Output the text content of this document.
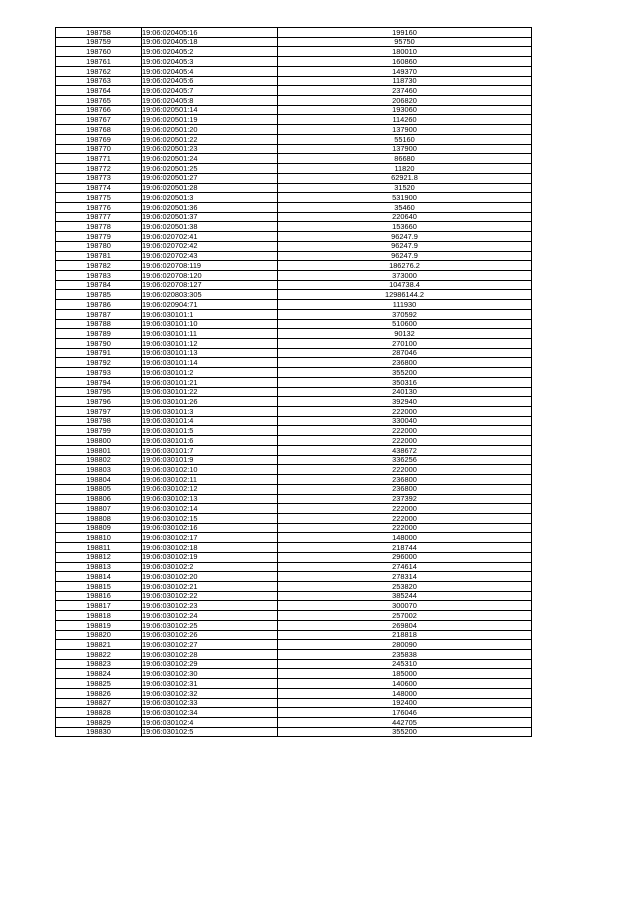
198758	19:06:020405:16	199160
198759	19:06:020405:18	95750
198760	19:06:020405:2	180010
198761	19:06:020405:3	160860
198762	19:06:020405:4	149370
198763	19:06:020405:6	118730
198764	19:06:020405:7	237460
198765	19:06:020405:8	206820
198766	19:06:020501:14	193060
198767	19:06:020501:19	114260
198768	19:06:020501:20	137900
198769	19:06:020501:22	55160
198770	19:06:020501:23	137900
198771	19:06:020501:24	86680
198772	19:06:020501:25	11820
198773	19:06:020501:27	62921.8
198774	19:06:020501:28	31520
198775	19:06:020501:3	531900
198776	19:06:020501:36	35460
198777	19:06:020501:37	220640
198778	19:06:020501:38	153660
198779	19:06:020702:41	96247.9
198780	19:06:020702:42	96247.9
198781	19:06:020702:43	96247.9
198782	19:06:020708:119	186276.2
198783	19:06:020708:120	373000
198784	19:06:020708:127	104738.4
198785	19:06:020803:305	12986144.2
198786	19:06:020904:71	111930
198787	19:06:030101:1	370592
198788	19:06:030101:10	510600
198789	19:06:030101:11	90132
198790	19:06:030101:12	270100
198791	19:06:030101:13	287046
198792	19:06:030101:14	236800
198793	19:06:030101:2	355200
198794	19:06:030101:21	350316
198795	19:06:030101:22	240130
198796	19:06:030101:26	392940
198797	19:06:030101:3	222000
198798	19:06:030101:4	330040
198799	19:06:030101:5	222000
198800	19:06:030101:6	222000
198801	19:06:030101:7	438672
198802	19:06:030101:9	336256
198803	19:06:030102:10	222000
198804	19:06:030102:11	236800
198805	19:06:030102:12	236800
198806	19:06:030102:13	237392
198807	19:06:030102:14	222000
198808	19:06:030102:15	222000
198809	19:06:030102:16	222000
198810	19:06:030102:17	148000
198811	19:06:030102:18	218744
198812	19:06:030102:19	296000
198813	19:06:030102:2	274614
198814	19:06:030102:20	278314
198815	19:06:030102:21	253820
198816	19:06:030102:22	385244
198817	19:06:030102:23	300070
198818	19:06:030102:24	257002
198819	19:06:030102:25	269804
198820	19:06:030102:26	218818
198821	19:06:030102:27	280090
198822	19:06:030102:28	235838
198823	19:06:030102:29	245310
198824	19:06:030102:30	185000
198825	19:06:030102:31	140600
198826	19:06:030102:32	148000
198827	19:06:030102:33	192400
198828	19:06:030102:34	176046
198829	19:06:030102:4	442705
198830	19:06:030102:5	355200
